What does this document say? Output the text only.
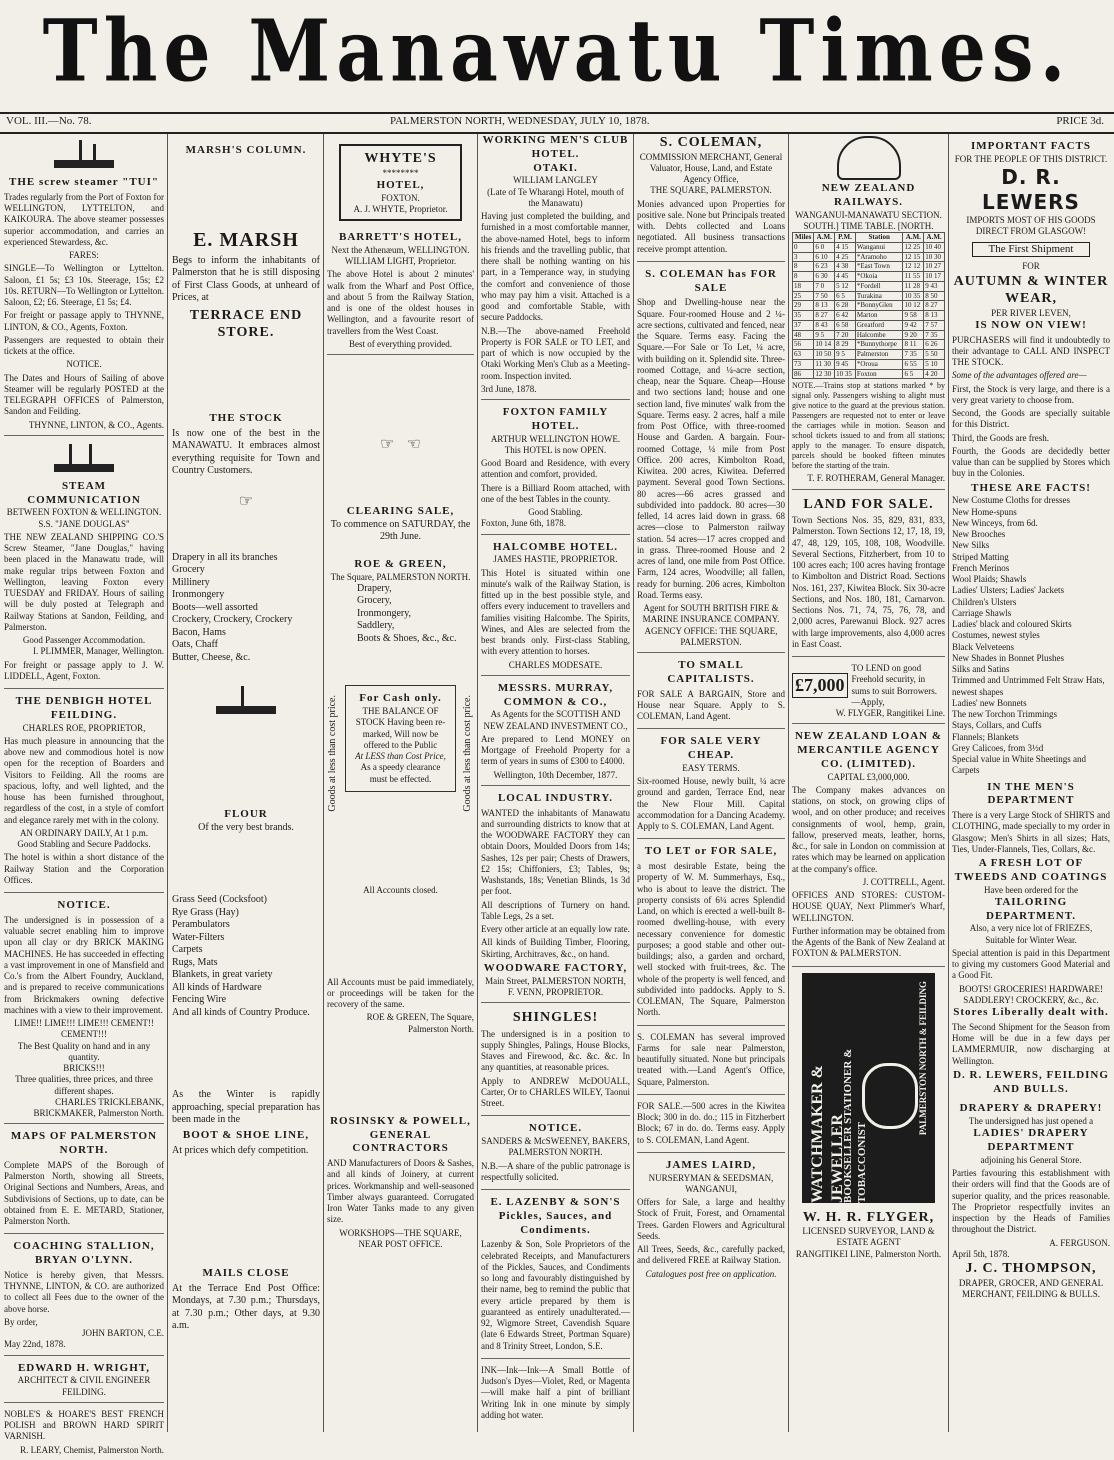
The Manawatu Times.
VOL. III.—No. 78.	PALMERSTON NORTH, WEDNESDAY, JULY 10, 1878.	PRICE 3d.
THE screw steamer "TUI"
Trades regularly from the Port of Foxton for WELLINGTON, LYTTELTON, and KAIKOURA. The above steamer possesses superior accommodation, and carries an experienced Stewardess, &c.
FARES:
SINGLE—To Wellington or Lyttelton. Saloon, £1 5s; £3 10s. Steerage, 15s; £2 10s. RETURN—To Wellington or Lyttelton. Saloon, £2; £6. Steerage, £1 5s; £4.
For freight or passage apply to THYNNE, LINTON, & CO., Agents, Foxton.
Passengers are requested to obtain their tickets at the office.
NOTICE.
The Dates and Hours of Sailing of above Steamer will be regularly POSTED at the TELEGRAPH OFFICES of Palmerston, Sandon and Feilding.
THYNNE, LINTON, & CO., Agents.
STEAM COMMUNICATION
BETWEEN FOXTON & WELLINGTON.
S.S. "JANE DOUGLAS"
THE NEW ZEALAND SHIPPING CO.'S Screw Steamer, "Jane Douglas," having been placed in the Manawatu trade, will make regular trips between Foxton and Wellington, leaving Foxton every TUESDAY and FRIDAY. Hours of sailing will be duly posted at Telegraph and Railway Stations at Sandon, Feilding, and Palmerston.
Good Passenger Accommodation.
I. PLIMMER, Manager, Wellington.
For freight or passage apply to J. W. LIDDELL, Agent, Foxton.
THE DENBIGH HOTEL FEILDING.
CHARLES ROE, PROPRIETOR,
Has much pleasure in announcing that the above new and commodious hotel is now open for the reception of Boarders and Visitors to Feilding. All the rooms are spacious, lofty, and well lighted, and the house has been furnished throughout, regardless of the cost, in a style of comfort and elegance rarely met with in the colony.
AN ORDINARY DAILY, At 1 p.m.
Good Stabling and Secure Paddocks.
The hotel is within a short distance of the Railway Station and the Corporation Offices.
NOTICE.
The undersigned is in possession of a valuable secret enabling him to improve upon all clay or dry BRICK MAKING MACHINES. He has succeeded in effecting a vast improvement in one of Mansfield and Co.'s from the Albert Foundry, Auckland, and is prepared to receive communications from Brickmakers owning defective machines with a view to their improvement.
LIME!! LIME!!! LIME!!! CEMENT!! CEMENT!!!
The Best Quality on hand and in any quantity.
BRICKS!!!
Three qualities, three prices, and three different shapes.
CHARLES TRICKLEBANK, BRICKMAKER, Palmerston North.
MAPS OF PALMERSTON NORTH.
Complete MAPS of the Borough of Palmerston North, showing all Streets, Original Sections and Numbers, Areas, and Subdivisions of Sections, up to date, can be obtained from E. E. METARD, Stationer, Palmerston North.
COACHING STALLION, BRYAN O'LYNN.
Notice is hereby given, that Messrs. THYNNE, LINTON, & CO. are authorized to collect all Fees due to the owner of the above horse.
By order,
JOHN BARTON, C.E.
May 22nd, 1878.
EDWARD H. WRIGHT,
ARCHITECT & CIVIL ENGINEER FEILDING.
NOBLE'S & HOARE'S BEST FRENCH POLISH and BROWN HARD SPIRIT VARNISH.
R. LEARY, Chemist, Palmerston North.
MARSH'S COLUMN.
E. MARSH
Begs to inform the inhabitants of Palmerston that he is still disposing of First Class Goods, at unheard of Prices, at
TERRACE END STORE.
THE STOCK
Is now one of the best in the MANAWATU. It embraces almost everything requisite for Town and Country Customers.
☞
Drapery in all its branches
Grocery
Millinery
Ironmongery
Boots—well assorted
Crockery, Crockery, Crockery
Bacon, Hams
Oats, Chaff
Butter, Cheese, &c.
FLOUR
Of the very best brands.
Grass Seed (Cocksfoot)
Rye Grass (Hay)
Perambulators
Water-Filters
Carpets
Rugs, Mats
Blankets, in great variety
All kinds of Hardware
Fencing Wire
And all kinds of Country Produce.
As the Winter is rapidly approaching, special preparation has been made in the
BOOT & SHOE LINE,
At prices which defy competition.
MAILS CLOSE
At the Terrace End Post Office: Mondays, at 7.30 p.m.; Thursdays, at 7.30 p.m.; Other days, at 9.30 a.m.
WHYTE'S
********
HOTEL,
FOXTON.
A. J. WHYTE, Proprietor.
BARRETT'S HOTEL,
Next the Athenæum, WELLINGTON.
WILLIAM LIGHT, Proprietor.
The above Hotel is about 2 minutes' walk from the Wharf and Post Office, and about 5 from the Railway Station, and is one of the oldest houses in Wellington, and a favourite resort of travellers from the West Coast.
Best of everything provided.
☞   ☜
CLEARING SALE,
To commence on SATURDAY, the 29th June.
ROE & GREEN,
The Square, PALMERSTON NORTH.
Drapery,
Grocery,
Ironmongery,
Saddlery,
Boots & Shoes, &c., &c.
Goods at less than cost price.	Goods at less than cost price.
For Cash only.
THE BALANCE OF STOCK Having been re-marked, Will now be offered to the Public
At LESS than Cost Price,
As a speedy clearance must be effected.
All Accounts closed.
All Accounts must be paid immediately, or proceedings will be taken for the recovery of the same.
ROE & GREEN, The Square, Palmerston North.
ROSINSKY & POWELL, GENERAL CONTRACTORS
AND Manufacturers of Doors & Sashes, and all kinds of Joinery, at current prices. Workmanship and well-seasoned Timber always guaranteed. Corrugated Iron Water Tanks made to any given size.
WORKSHOPS—THE SQUARE, NEAR POST OFFICE.
WORKING MEN'S CLUB HOTEL.
OTAKI.
WILLIAM LANGLEY
(Late of Te Wharangi Hotel, mouth of the Manawatu)
Having just completed the building, and furnished in a most comfortable manner, the above-named Hotel, begs to inform his friends and the travelling public, that there shall be nothing wanting on his part, in a Temperance way, in studying the comfort and convenience of those who may pay him a visit. Attached is a good and comfortable Stable, with secure Paddocks.
N.B.—The above-named Freehold Property is FOR SALE or TO LET, and part of which is now occupied by the Otaki Working Men's Club as a Meeting-room. Inspection invited.
3rd June, 1878.
FOXTON FAMILY HOTEL.
ARTHUR WELLINGTON HOWE.
This HOTEL is now OPEN.
Good Board and Residence, with every attention and comfort, provided.
There is a Billiard Room attached, with one of the best Tables in the county.
Good Stabling.
Foxton, June 6th, 1878.
HALCOMBE HOTEL.
JAMES HASTIE, PROPRIETOR.
This Hotel is situated within one minute's walk of the Railway Station, is fitted up in the best possible style, and offers every inducement to travellers and families visiting Halcombe. The Spirits, Wines, and Ales are selected from the best brands only. First-class Stabling, with every attention to horses.
CHARLES MODESATE.
MESSRS. MURRAY, COMMON & CO.,
As Agents for the SCOTTISH AND NEW ZEALAND INVESTMENT CO.,
Are prepared to Lend MONEY on Mortgage of Freehold Property for a term of years in sums of £300 to £4000.
Wellington, 10th December, 1877.
LOCAL INDUSTRY.
WANTED the inhabitants of Manawatu and surrounding districts to know that at the WOODWARE FACTORY they can obtain Doors, Moulded Doors from 14s; Sashes, 12s per pair; Chests of Drawers, £2 15s; Chiffoniers, £3; Tables, 9s; Washstands, 18s; Venetian Blinds, 1s 3d per foot.
All descriptions of Turnery on hand. Table Legs, 2s a set.
Every other article at an equally low rate.
All kinds of Building Timber, Flooring, Skirting, Architraves, &c., on hand.
WOODWARE FACTORY,
Main Street, PALMERSTON NORTH,
F. VENN, PROPRIETOR.
SHINGLES!
The undersigned is in a position to supply Shingles, Palings, House Blocks, Staves and Firewood, &c. &c. &c. In any quantities, at reasonable prices.
Apply to ANDREW McDOUALL, Carter, Or to CHARLES WILEY, Taonui Street.
NOTICE.
SANDERS & McSWEENEY, BAKERS, PALMERSTON NORTH.
N.B.—A share of the public patronage is respectfully solicited.
E. LAZENBY & SON'S Pickles, Sauces, and Condiments.
Lazenby & Son, Sole Proprietors of the celebrated Receipts, and Manufacturers of the Pickles, Sauces, and Condiments so long and favourably distinguished by their name, beg to remind the public that every article prepared by them is guaranteed as entirely unadulterated.—92, Wigmore Street, Cavendish Square (late 6 Edwards Street, Portman Square) and 8 Trinity Street, London, S.E.
INK—Ink—Ink—A Small Bottle of Judson's Dyes—Violet, Red, or Magenta—will make half a pint of brilliant Writing Ink in one minute by simply adding hot water.
S. COLEMAN,
COMMISSION MERCHANT, General Valuator, House, Land, and Estate Agency Office,
THE SQUARE, PALMERSTON.
Monies advanced upon Properties for positive sale. None but Principals treated with. Debts collected and Loans negotiated. All business transactions receive prompt attention.
S. COLEMAN has FOR SALE
Shop and Dwelling-house near the Square. Four-roomed House and 2 ¼-acre sections, cultivated and fenced, near the Square. Terms easy. Facing the Square.—For Sale or To Let, ¼ acre, with building on it. Splendid site. Three-roomed Cottage, and ¼-acre section, cheap, near the Square. Cheap—House and two sections land; house and one section land, five minutes' walk from the Square. Terms easy. 2 acres, half a mile from Post Office, with three-roomed House and Garden. A bargain. Four-roomed Cottage, ¼ mile from Post Office. 200 acres, Kimbolton Road, Kiwitea. 200 acres, Kiwitea. Deferred payment. Several good Town Sections. 80 acres—66 acres grassed and subdivided into paddock. 80 acres—30 felled, 14 acres laid down in grass. 68 acres—close to Palmerston railway station. 54 acres—17 acres cropped and in grass. Three-roomed House and 2 acres of land, one mile from Post Office. Farm, 124 acres, Woodville; all fallen, ready for burning. 206 acres, Kimbolton Road. Terms easy.
Agent for SOUTH BRITISH FIRE & MARINE INSURANCE COMPANY.
AGENCY OFFICE: THE SQUARE, PALMERSTON.
TO SMALL CAPITALISTS.
FOR SALE A BARGAIN, Store and House near Square. Apply to S. COLEMAN, Land Agent.
FOR SALE VERY CHEAP.
EASY TERMS.
Six-roomed House, newly built, ¼ acre ground and garden, Terrace End, near the New Flour Mill. Capital accommodation for a Dancing Academy. Apply to S. COLEMAN, Land Agent.
TO LET or FOR SALE,
a most desirable Estate, being the property of W. M. Summerhays, Esq., who is about to leave the district. The property consists of 6¼ acres Splendid Land, on which is erected a well-built 8-roomed dwelling-house, with every necessary convenience for domestic purposes; a good stable and other out-buildings; also, a garden and orchard, well stocked with fruit-trees, &c. The whole of the property is well fenced, and subdivided into paddocks. Apply to S. COLEMAN, The Square, Palmerston North.
S. COLEMAN has several improved Farms for sale near Palmerston, beautifully situated. None but principals treated with.—Land Agent's Office, Square, Palmerston.
FOR SALE.—500 acres in the Kiwitea Block; 300 in do. do.; 115 in Fitzherbert Block; 67 in do. do. Terms easy. Apply to S. COLEMAN, Land Agent.
JAMES LAIRD,
NURSERYMAN & SEEDSMAN, WANGANUI,
Offers for Sale, a large and healthy Stock of Fruit, Forest, and Ornamental Trees. Garden Flowers and Agricultural Seeds.
All Trees, Seeds, &c., carefully packed, and delivered FREE at Railway Station.
Catalogues post free on application.
NEW ZEALAND RAILWAYS.
WANGANUI-MANAWATU SECTION.
SOUTH.] TIME TABLE. [NORTH.
Miles	A.M.	P.M.	Station	A.M.	A.M.
0	6 0	4 15	Wanganui	12 25	10 40
3	6 10	4 25	*Aramoho	12 15	10 30
8	6 23	4 38	*East Town	12 12	10 27
8	6 30	4 45	*Okoia	11 55	10 17
18	7 0	5 12	*Fordell	11 28	9 43
25	7 50	6 5	Turakina	10 35	8 50
29	8 13	6 28	*BonnyGlen	10 12	8 27
35	8 27	6 42	Marton	9 58	8 13
37	8 43	6 58	Greatford	9 42	7 57
48	9 5	7 20	Halcombe	9 20	7 35
56	10 14	8 29	*Bunnythorpe	8 11	6 26
63	10 50	9 5	Palmerston	7 35	5 50
73	11 30	9 45	*Oroua	6 55	5 10
86	12 30	10 35	Foxton	6 5	4 20
NOTE.—Trains stop at stations marked * by signal only. Passengers wishing to alight must give notice to the guard at the previous station. Passengers are requested not to enter or leave the carriages while in motion. Season and school tickets issued to and from all stations; apply to the manager. To ensure dispatch, parcels should be booked fifteen minutes before the starting of the train.
T. F. ROTHERAM, General Manager.
LAND FOR SALE.
Town Sections Nos. 35, 829, 831, 833, Palmerston. Town Sections 12, 17, 18, 19, 47, 48, 129, 105, 108, 108, Woodville. Several Sections, Fitzherbert, from 10 to 100 acres each; 100 acres having frontage to Kimbolton and District Road. Sections Nos. 161, 237, Kiwitea Block. Six 30-acre Sections, and Nos. 180, 181, Carnarvon. Sections Nos. 71, 74, 75, 76, 78, and 2,000 acres, Parewanui Block. 927 acres with large improvements, also 4,000 acres in East Coast.
£7,000
TO LEND on good Freehold security, in sums to suit Borrowers.—Apply,
W. FLYGER, Rangitikei Line.
NEW ZEALAND LOAN & MERCANTILE AGENCY CO. (LIMITED).
CAPITAL £3,000,000.
The Company makes advances on stations, on stock, on growing clips of wool, and on other produce; and receives consignments of wool, hemp, grain, fallow, preserved meats, leather, horns, &c., for sale in London on commission at rates which may be learned on application at the company's office.
J. COTTRELL, Agent.
OFFICES AND STORES: CUSTOM-HOUSE QUAY, Next Plimmer's Wharf, WELLINGTON.
Further information may be obtained from the Agents of the Bank of New Zealand at FOXTON & PALMERSTON.
WATCHMAKER & JEWELLER
BOOKSELLER STATIONER & TOBACCONIST
PALMERSTON NORTH & FEILDING
W. H. R. FLYGER,
LICENSED SURVEYOR, LAND & ESTATE AGENT
RANGITIKEI LINE, Palmerston North.
IMPORTANT FACTS
FOR THE PEOPLE OF THIS DISTRICT.
D. R. LEWERS
IMPORTS MOST OF HIS GOODS DIRECT FROM GLASGOW!
The First Shipment
FOR
AUTUMN & WINTER WEAR,
PER RIVER LEVEN,
IS NOW ON VIEW!
PURCHASERS will find it undoubtedly to their advantage to CALL AND INSPECT THE STOCK.
Some of the advantages offered are—
First, the Stock is very large, and there is a very great variety to choose from.
Second, the Goods are specially suitable for this District.
Third, the Goods are fresh.
Fourth, the Goods are decidedly better value than can be supplied by Stores which buy in the Colonies.
THESE ARE FACTS!
New Costume Cloths for dresses
New Home-spuns
New Winceys, from 6d.
New Brooches
New Silks
Striped Matting
French Merinos
Wool Plaids; Shawls
Ladies' Ulsters; Ladies' Jackets
Children's Ulsters
Carriage Shawls
Ladies' black and coloured Skirts
Costumes, newest styles
Black Velveteens
New Shades in Bonnet Plushes
Silks and Satins
Trimmed and Untrimmed Felt Straw Hats, newest shapes
Ladies' new Bonnets
The new Torchon Trimmings
Stays, Collars, and Cuffs
Flannels; Blankets
Grey Calicoes, from 3½d
Special value in White Sheetings and Carpets
IN THE MEN'S DEPARTMENT
There is a very Large Stock of SHIRTS and CLOTHING, made specially to my order in Glasgow; Men's Shirts in all sizes; Hats, Ties, Under-Flannels, Ties, Collars, &c.
A FRESH LOT OF TWEEDS AND COATINGS
Have been ordered for the
TAILORING DEPARTMENT.
Also, a very nice lot of FRIEZES,
Suitable for Winter Wear.
Special attention is paid in this Department to giving my customers Good Material and a Good Fit.
BOOTS! GROCERIES! HARDWARE! SADDLERY! CROCKERY, &c., &c.
Stores Liberally dealt with.
The Second Shipment for the Season from Home will be due in a few days per LAMMERMUIR, now discharging at Wellington.
D. R. LEWERS, FEILDING AND BULLS.
DRAPERY & DRAPERY!
The undersigned has just opened a
LADIES' DRAPERY DEPARTMENT
adjoining his General Store.
Parties favouring this establishment with their orders will find that the Goods are of superior quality, and the prices reasonable. The Proprietor respectfully invites an inspection by the Heads of Families throughout the District.
A. FERGUSON.
April 5th, 1878.
J. C. THOMPSON,
DRAPER, GROCER, AND GENERAL MERCHANT, FEILDING & BULLS.
